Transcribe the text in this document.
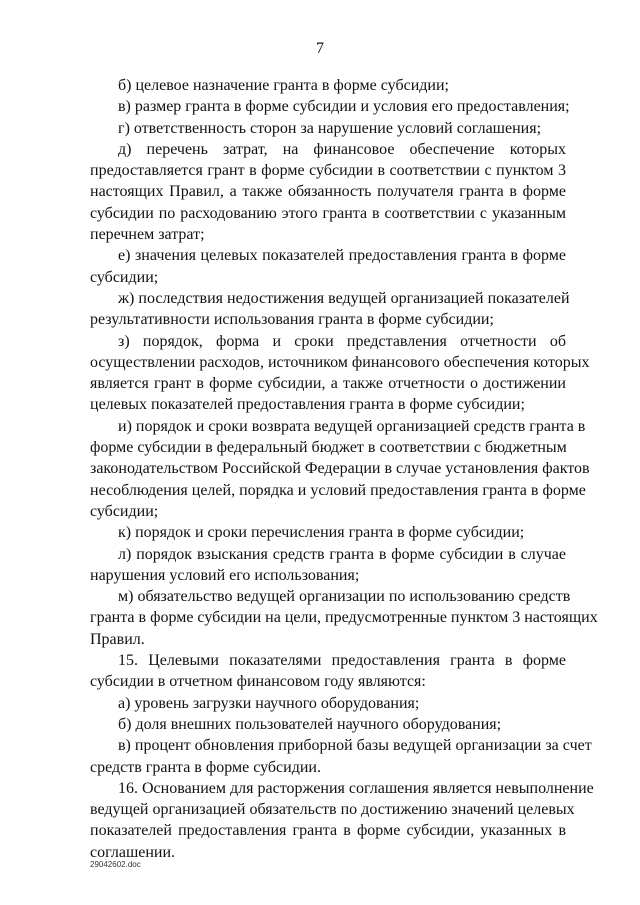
7
б) целевое назначение гранта в форме субсидии;
в) размер гранта в форме субсидии и условия его предоставления;
г) ответственность сторон за нарушение условий соглашения;
д) перечень затрат, на финансовое обеспечение которых
предоставляется грант в форме субсидии в соответствии с пунктом 3
настоящих Правил, а также обязанность получателя гранта в форме
субсидии по расходованию этого гранта в соответствии с указанным
перечнем затрат;
е) значения целевых показателей предоставления гранта в форме
субсидии;
ж) последствия недостижения ведущей организацией показателей
результативности использования гранта в форме субсидии;
з) порядок, форма и сроки представления отчетности об
осуществлении расходов, источником финансового обеспечения которых
является грант в форме субсидии, а также отчетности о достижении
целевых показателей предоставления гранта в форме субсидии;
и) порядок и сроки возврата ведущей организацией средств гранта в
форме субсидии в федеральный бюджет в соответствии с бюджетным
законодательством Российской Федерации в случае установления фактов
несоблюдения целей, порядка и условий предоставления гранта в форме
субсидии;
к) порядок и сроки перечисления гранта в форме субсидии;
л) порядок взыскания средств гранта в форме субсидии в случае
нарушения условий его использования;
м) обязательство ведущей организации по использованию средств
гранта в форме субсидии на цели, предусмотренные пунктом 3 настоящих
Правил.
15. Целевыми показателями предоставления гранта в форме
субсидии в отчетном финансовом году являются:
а) уровень загрузки научного оборудования;
б) доля внешних пользователей научного оборудования;
в) процент обновления приборной базы ведущей организации за счет
средств гранта в форме субсидии.
16. Основанием для расторжения соглашения является невыполнение
ведущей организацией обязательств по достижению значений целевых
показателей предоставления гранта в форме субсидии, указанных в
соглашении.
29042602.doc
